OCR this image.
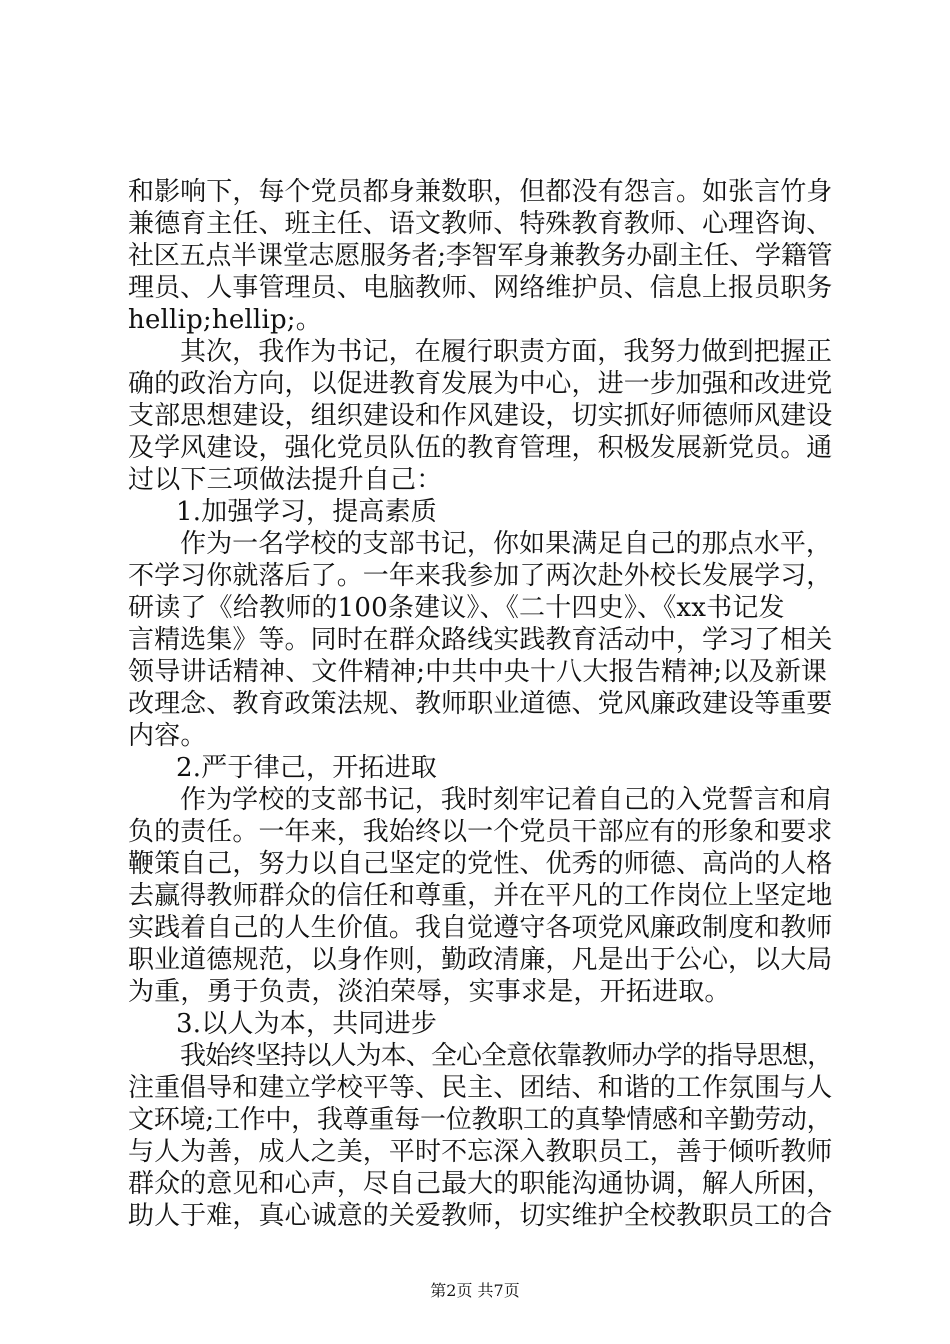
和影响下，每个党员都身兼数职，但都没有怨言。如张言竹身
兼德育主任、班主任、语文教师、特殊教育教师、心理咨询、
社区五点半课堂志愿服务者;李智军身兼教务办副主任、学籍管
理员、人事管理员、电脑教师、网络维护员、信息上报员职务
hellip;hellip;。
其次，我作为书记，在履行职责方面，我努力做到把握正
确的政治方向，以促进教育发展为中心，进一步加强和改进党
支部思想建设，组织建设和作风建设，切实抓好师德师风建设
及学风建设，强化党员队伍的教育管理，积极发展新党员。通
过以下三项做法提升自己：
1.加强学习，提高素质
作为一名学校的支部书记，你如果满足自己的那点水平，
不学习你就落后了。一年来我参加了两次赴外校长发展学习，
研读了《给教师的100条建议》、《二十四史》、《xx书记发
言精选集》等。同时在群众路线实践教育活动中，学习了相关
领导讲话精神、文件精神;中共中央十八大报告精神;以及新课
改理念、教育政策法规、教师职业道德、党风廉政建设等重要
内容。
2.严于律己，开拓进取
作为学校的支部书记，我时刻牢记着自己的入党誓言和肩
负的责任。一年来，我始终以一个党员干部应有的形象和要求
鞭策自己，努力以自己坚定的党性、优秀的师德、高尚的人格
去赢得教师群众的信任和尊重，并在平凡的工作岗位上坚定地
实践着自己的人生价值。我自觉遵守各项党风廉政制度和教师
职业道德规范，以身作则，勤政清廉，凡是出于公心，以大局
为重，勇于负责，淡泊荣辱，实事求是，开拓进取。
3.以人为本，共同进步
我始终坚持以人为本、全心全意依靠教师办学的指导思想，
注重倡导和建立学校平等、民主、团结、和谐的工作氛围与人
文环境;工作中，我尊重每一位教职工的真挚情感和辛勤劳动，
与人为善，成人之美，平时不忘深入教职员工，善于倾听教师
群众的意见和心声，尽自己最大的职能沟通协调，解人所困，
助人于难，真心诚意的关爱教师，切实维护全校教职员工的合
第2页 共7页
